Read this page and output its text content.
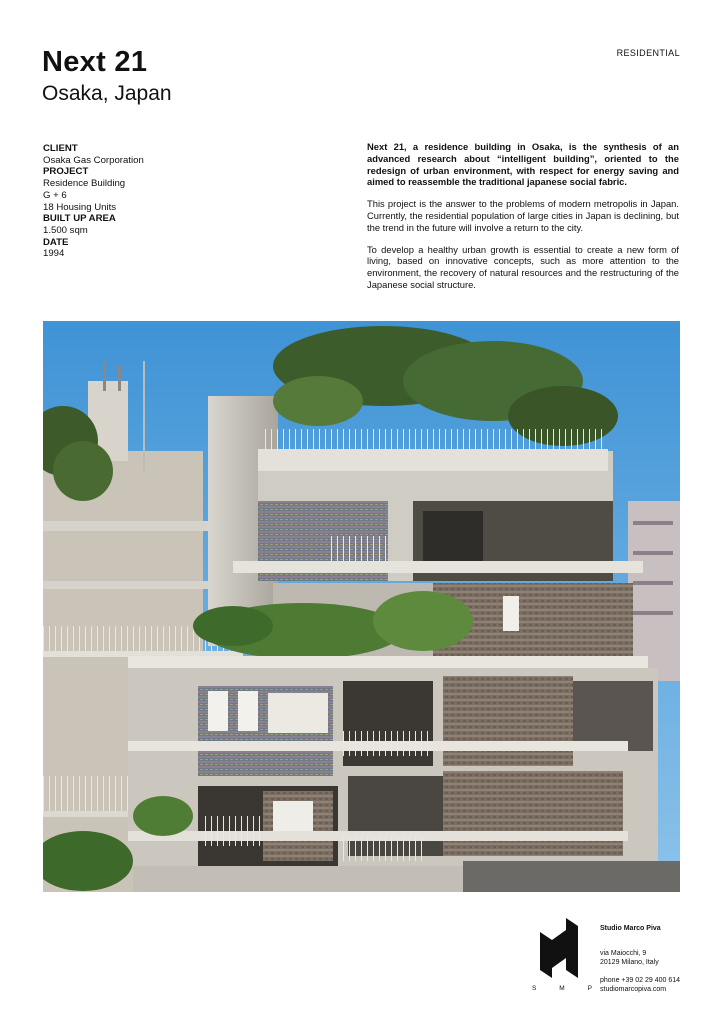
Next 21
Osaka, Japan
RESIDENTIAL
CLIENT
Osaka Gas Corporation
PROJECT
Residence Building
G + 6
18 Housing Units
BUILT UP AREA
1.500 sqm
DATE
1994

Next 21, a residence building in Osaka, is the synthesis of an advanced research about “intelligent building”, oriented to the redesign of urban environment, with respect for energy saving and aimed to reassemble the traditional japanese social fabric.

This project is the answer to the problems of modern metropolis in Japan. Currently, the residential population of large cities in Japan is declining, but the trend in the future will involve a return to the city.

To develop a healthy urban growth is essential to create a new form of living, based on innovative concepts, such as more attention to the environment, the recovery of natural resources and the restructuring of the Japanese social structure.

S	M	P
Studio Marco Piva
via Maiocchi, 9
20129 Milano, Italy
phone +39 02 29 400 614
studiomarcopiva.com
